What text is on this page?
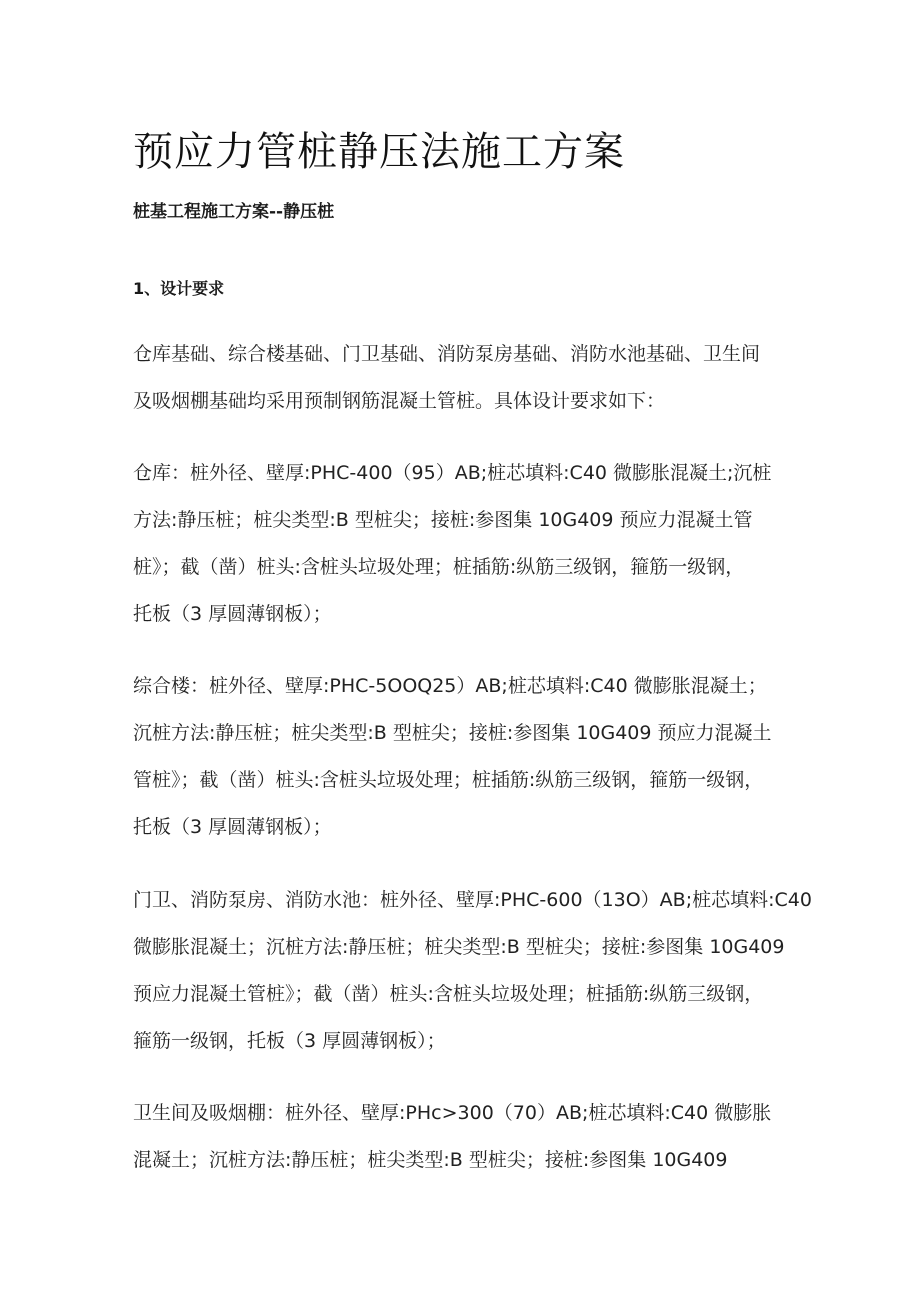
预应力管桩静压法施工方案
桩基工程施工方案--静压桩
1、设计要求
仓库基础、综合楼基础、门卫基础、消防泵房基础、消防水池基础、卫生间
及吸烟棚基础均采用预制钢筋混凝土管桩。具体设计要求如下：
仓库：桩外径、壁厚:PHC-400（95）AB;桩芯填料:C40 微膨胀混凝土;沉桩
方法:静压桩；桩尖类型:B 型桩尖；接桩:参图集 10G409 预应力混凝土管
桩》；截（凿）桩头:含桩头垃圾处理；桩插筋:纵筋三级钢，箍筋一级钢，
托板（3 厚圆薄钢板）；
综合楼：桩外径、壁厚:PHC-5OOQ25）AB;桩芯填料:C40 微膨胀混凝土；
沉桩方法:静压桩；桩尖类型:B 型桩尖；接桩:参图集 10G409 预应力混凝土
管桩》；截（凿）桩头:含桩头垃圾处理；桩插筋:纵筋三级钢，箍筋一级钢，
托板（3 厚圆薄钢板）；
门卫、消防泵房、消防水池：桩外径、壁厚:PHC-600（13O）AB;桩芯填料:C40
微膨胀混凝土；沉桩方法:静压桩；桩尖类型:B 型桩尖；接桩:参图集 10G409
预应力混凝土管桩》；截（凿）桩头:含桩头垃圾处理；桩插筋:纵筋三级钢，
箍筋一级钢，托板（3 厚圆薄钢板）；
卫生间及吸烟棚：桩外径、壁厚:PHc>300（70）AB;桩芯填料:C40 微膨胀
混凝土；沉桩方法:静压桩；桩尖类型:B 型桩尖；接桩:参图集 10G409
